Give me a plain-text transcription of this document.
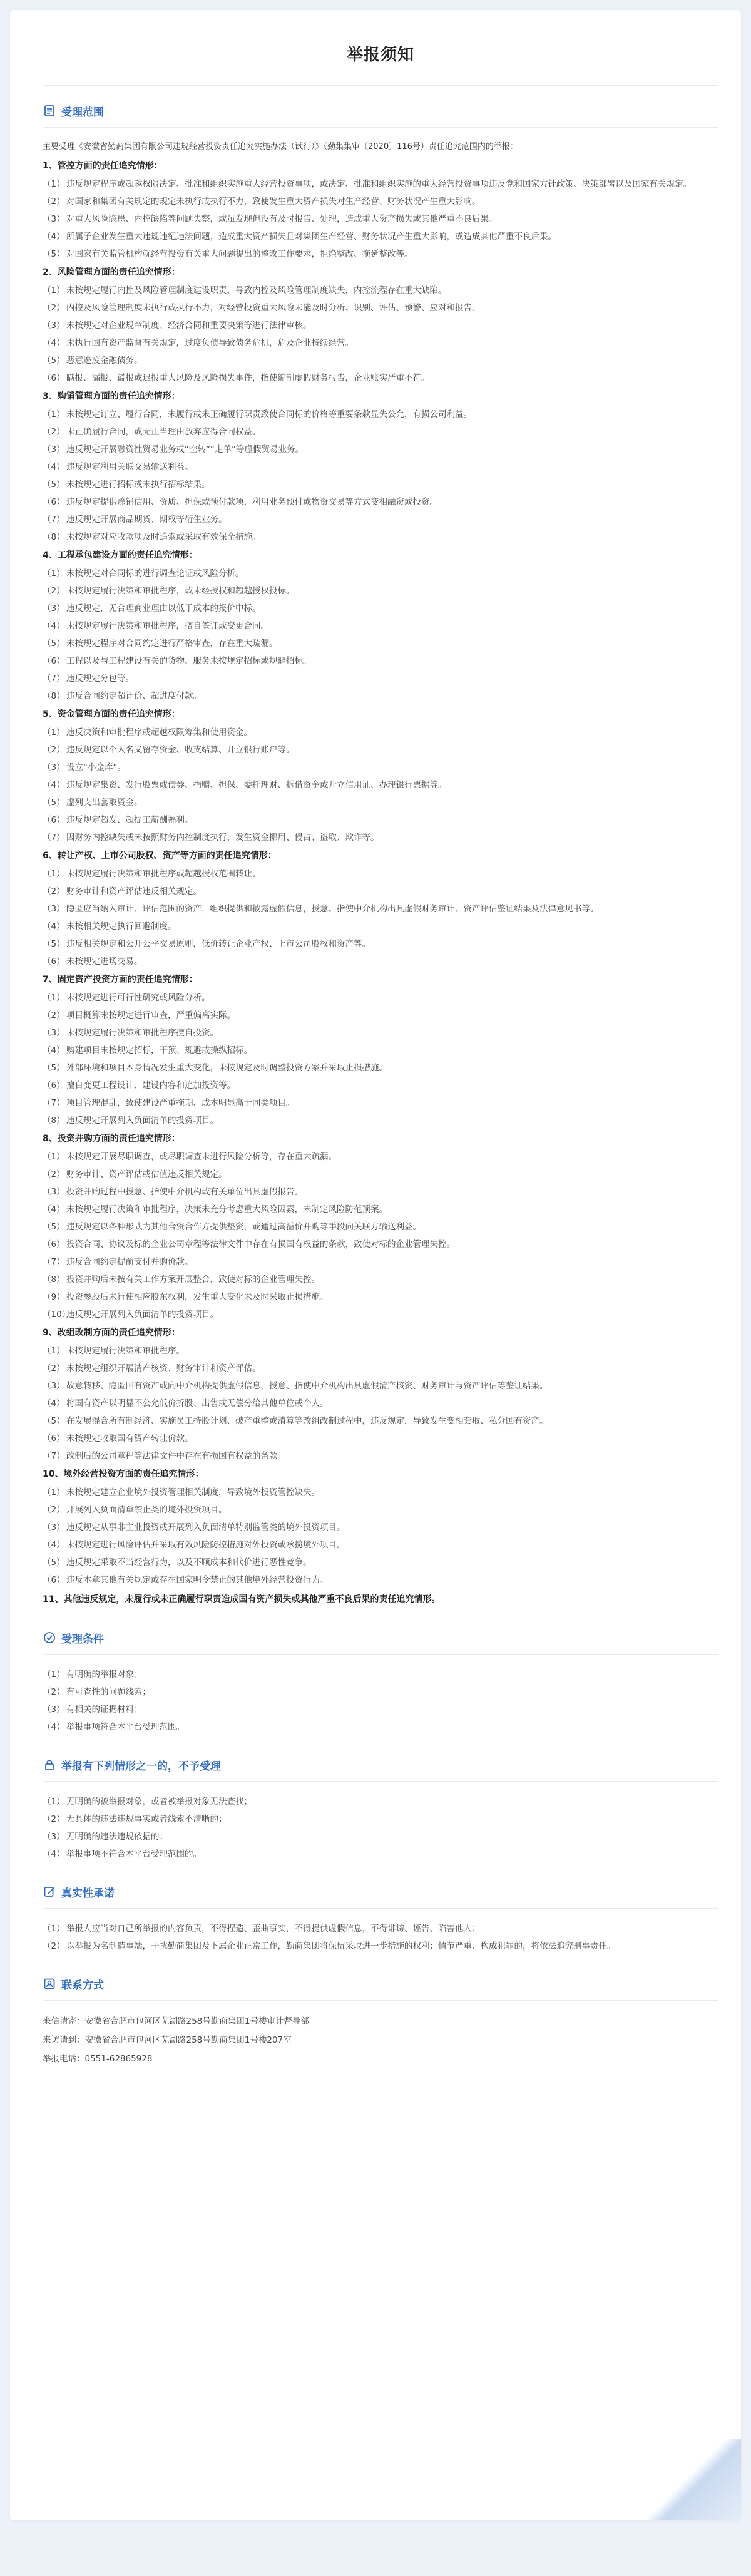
举报须知
受理范围
主要受理《安徽省勤商集团有限公司违规经营投资责任追究实施办法（试行）》（勤集集审〔2020〕116号）责任追究范围内的举报：
1、管控方面的责任追究情形：
（1） 违反规定程序或超越权限决定、批准和组织实施重大经营投资事项，或决定、批准和组织实施的重大经营投资事项违反党和国家方针政策、决策部署以及国家有关规定。
（2） 对国家和集团有关规定的规定未执行或执行不力，致使发生重大资产损失对生产经营、财务状况产生重大影响。
（3） 对重大风险隐患、内控缺陷等问题失察，或虽发现但没有及时报告、处理，造成重大资产损失或其他严重不良后果。
（4） 所属子企业发生重大违规违纪违法问题，造成重大资产损失且对集团生产经营、财务状况产生重大影响，或造成其他严重不良后果。
（5） 对国家有关监管机构就经营投资有关重大问题提出的整改工作要求，拒绝整改、拖延整改等。
2、风险管理方面的责任追究情形：
（1） 未按规定履行内控及风险管理制度建设职责，导致内控及风险管理制度缺失，内控流程存在重大缺陷。
（2） 内控及风险管理制度未执行或执行不力，对经营投资重大风险未能及时分析、识别、评估、预警、应对和报告。
（3） 未按规定对企业规章制度、经济合同和重要决策等进行法律审核。
（4） 未执行国有资产监督有关规定，过度负债导致债务危机，危及企业持续经营。
（5） 恶意逃废金融债务。
（6） 瞒报、漏报、谎报或迟报重大风险及风险损失事件，指使编制虚假财务报告，企业账实严重不符。
3、购销管理方面的责任追究情形：
（1） 未按规定订立、履行合同，未履行或未正确履行职责致使合同标的价格等重要条款显失公允，有损公司利益。
（2） 未正确履行合同，或无正当理由放弃应得合同权益。
（3） 违反规定开展融资性贸易业务或“空转”“走单”等虚假贸易业务。
（4） 违反规定利用关联交易输送利益。
（5） 未按规定进行招标或未执行招标结果。
（6） 违反规定提供赊销信用、资质、担保或预付款项，利用业务预付或物资交易等方式变相融资或投资。
（7） 违反规定开展商品期货、期权等衍生业务。
（8） 未按规定对应收款项及时追索或采取有效保全措施。
4、工程承包建设方面的责任追究情形：
（1） 未按规定对合同标的进行调查论证或风险分析。
（2） 未按规定履行决策和审批程序，或未经授权和超越授权投标。
（3） 违反规定，无合理商业理由以低于成本的报价中标。
（4） 未按规定履行决策和审批程序，擅自签订或变更合同。
（5） 未按规定程序对合同约定进行严格审查，存在重大疏漏。
（6） 工程以及与工程建设有关的货物、服务未按规定招标或规避招标。
（7） 违反规定分包等。
（8） 违反合同约定超计价、超进度付款。
5、资金管理方面的责任追究情形：
（1） 违反决策和审批程序或超越权限筹集和使用资金。
（2） 违反规定以个人名义留存资金、收支结算、开立银行账户等。
（3） 设立“小金库”。
（4） 违反规定集资、发行股票或债券、捐赠、担保、委托理财、拆借资金或开立信用证、办理银行票据等。
（5） 虚列支出套取资金。
（6） 违反规定超发、超提工薪酬福利。
（7） 因财务内控缺失或未按照财务内控制度执行，发生资金挪用、侵占、盗取、欺诈等。
6、转让产权、上市公司股权、资产等方面的责任追究情形：
（1） 未按规定履行决策和审批程序或超越授权范围转让。
（2） 财务审计和资产评估违反相关规定。
（3） 隐匿应当纳入审计、评估范围的资产，组织提供和披露虚假信息，授意、指使中介机构出具虚假财务审计、资产评估鉴证结果及法律意见书等。
（4） 未按相关规定执行回避制度。
（5） 违反相关规定和公开公平交易原则，低价转让企业产权、上市公司股权和资产等。
（6） 未按规定进场交易。
7、固定资产投资方面的责任追究情形：
（1） 未按规定进行可行性研究或风险分析。
（2） 项目概算未按规定进行审查，严重偏离实际。
（3） 未按规定履行决策和审批程序擅自投资。
（4） 购建项目未按规定招标，干预、规避或操纵招标。
（5） 外部环境和项目本身情况发生重大变化，未按规定及时调整投资方案并采取止损措施。
（6） 擅自变更工程设计、建设内容和追加投资等。
（7） 项目管理混乱，致使建设严重拖期、成本明显高于同类项目。
（8） 违反规定开展列入负面清单的投资项目。
8、投资并购方面的责任追究情形：
（1） 未按规定开展尽职调查，或尽职调查未进行风险分析等，存在重大疏漏。
（2） 财务审计、资产评估或估值违反相关规定。
（3） 投资并购过程中授意、指使中介机构或有关单位出具虚假报告。
（4） 未按规定履行决策和审批程序，决策未充分考虑重大风险因素，未制定风险防范预案。
（5） 违反规定以各种形式为其他合资合作方提供垫资，或通过高溢价并购等手段向关联方输送利益。
（6） 投资合同、协议及标的企业公司章程等法律文件中存在有损国有权益的条款，致使对标的企业管理失控。
（7） 违反合同约定提前支付并购价款。
（8） 投资并购后未按有关工作方案开展整合，致使对标的企业管理失控。
（9） 投资参股后未行使相应股东权利，发生重大变化未及时采取止损措施。
（10）
违反规定开展列入负面清单的投资项目。
9、改组改制方面的责任追究情形：
（1） 未按规定履行决策和审批程序。
（2） 未按规定组织开展清产核资、财务审计和资产评估。
（3） 故意转移、隐匿国有资产或向中介机构提供虚假信息，授意、指使中介机构出具虚假清产核资、财务审计与资产评估等鉴证结果。
（4） 将国有资产以明显不公允低价折股、出售或无偿分给其他单位或个人。
（5） 在发展混合所有制经济、实施员工持股计划、破产重整或清算等改组改制过程中，违反规定，导致发生变相套取、私分国有资产。
（6） 未按规定收取国有资产转让价款。
（7） 改制后的公司章程等法律文件中存在有损国有权益的条款。
10、境外经营投资方面的责任追究情形：
（1） 未按规定建立企业境外投资管理相关制度，导致境外投资管控缺失。
（2） 开展列入负面清单禁止类的境外投资项目。
（3） 违反规定从事非主业投资或开展列入负面清单特别监管类的境外投资项目。
（4） 未按规定进行风险评估并采取有效风险防控措施对外投资或承揽境外项目。
（5） 违反规定采取不当经营行为，以及不顾成本和代价进行恶性竞争。
（6） 违反本章其他有关规定或存在国家明令禁止的其他境外经营投资行为。
11、其他违反规定，未履行或未正确履行职责造成国有资产损失或其他严重不良后果的责任追究情形。
受理条件
（1） 有明确的举报对象；
（2） 有可查性的问题线索；
（3） 有相关的证据材料；
（4） 举报事项符合本平台受理范围。
举报有下列情形之一的，不予受理
（1） 无明确的被举报对象，或者被举报对象无法查找；
（2） 无具体的违法违规事实或者线索不清晰的；
（3） 无明确的违法违规依据的；
（4） 举报事项不符合本平台受理范围的。
真实性承诺
（1） 举报人应当对自己所举报的内容负责，不得捏造、歪曲事实，不得提供虚假信息，不得诽谤、诬告、陷害他人；
（2） 以举报为名制造事端，干扰勤商集团及下属企业正常工作，勤商集团将保留采取进一步措施的权利；情节严重、构成犯罪的，将依法追究刑事责任。
联系方式
来信请寄：安徽省合肥市包河区芜湖路258号勤商集团1号楼审计督导部
来访请到：安徽省合肥市包河区芜湖路258号勤商集团1号楼207室
举报电话：0551-62865928
